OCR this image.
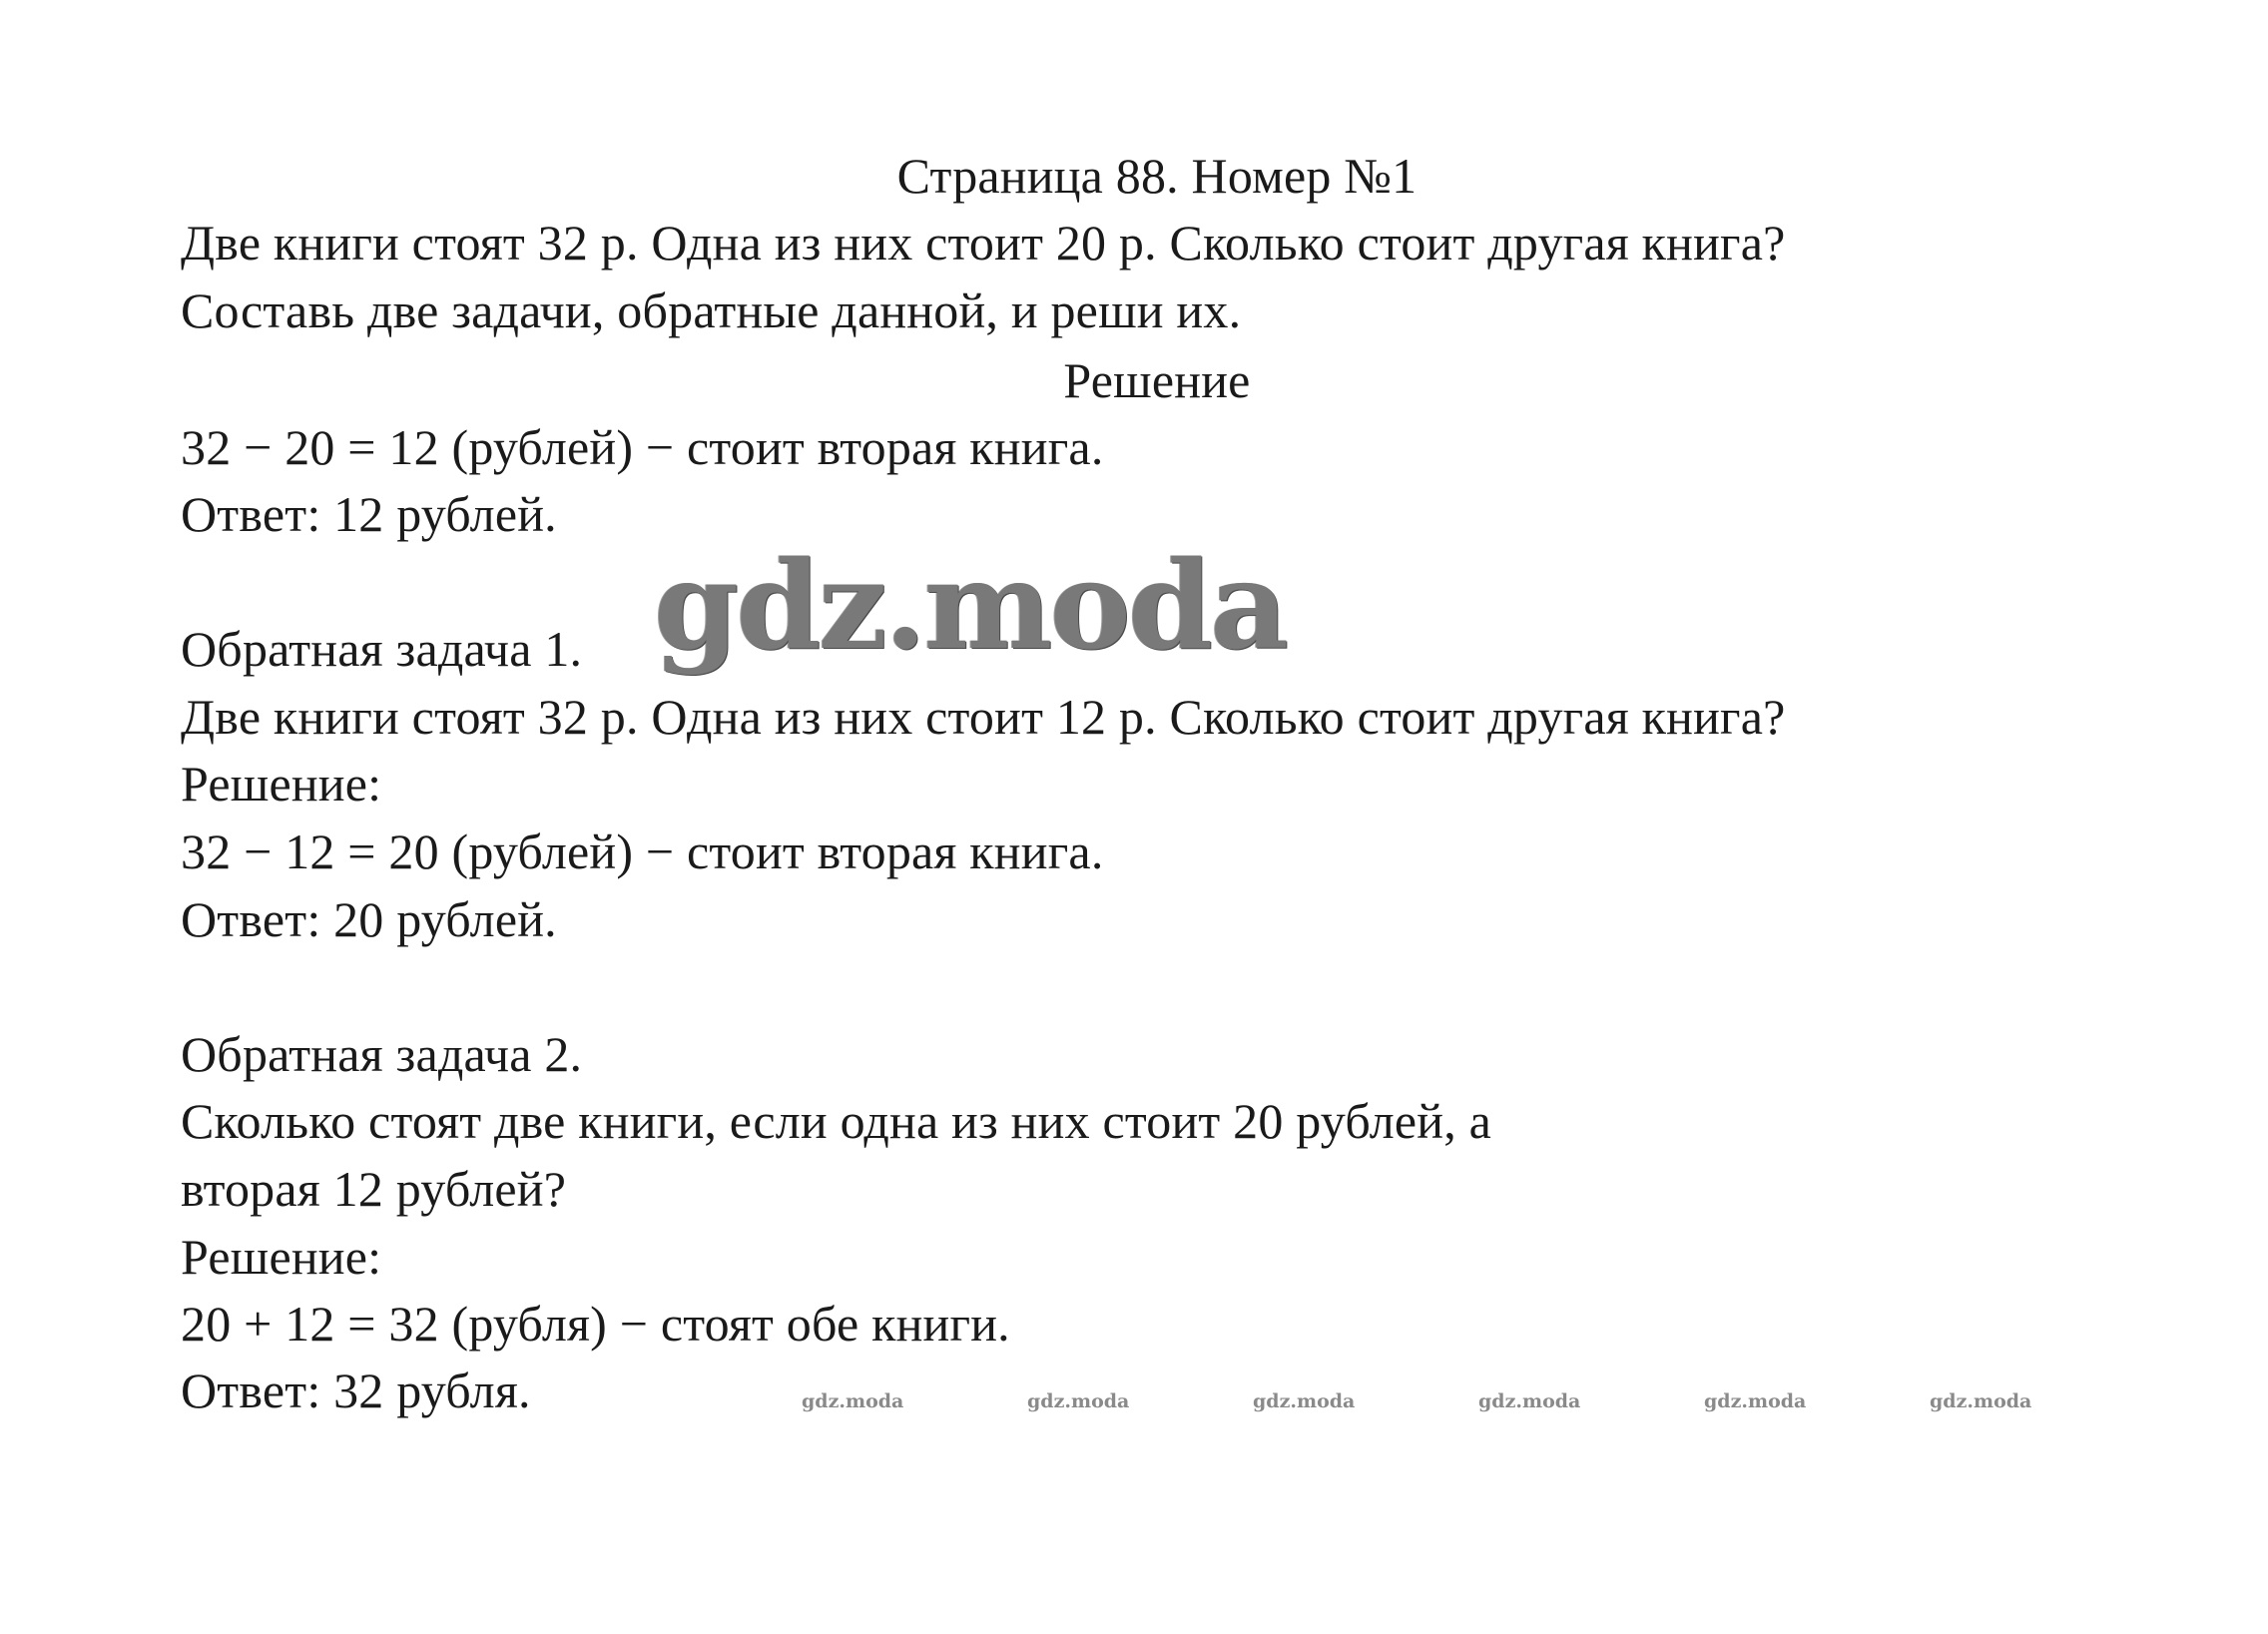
Страница 88. Номер №1
Две книги стоят 32 р. Одна из них стоит 20 р. Сколько стоит другая книга?
Составь две задачи, обратные данной, и реши их.
Решение
32 − 20 = 12 (рублей) − стоит вторая книга.
Ответ: 12 рублей.
Обратная задача 1.
Две книги стоят 32 р. Одна из них стоит 12 р. Сколько стоит другая книга?
Решение:
32 − 12 = 20 (рублей) − стоит вторая книга.
Ответ: 20 рублей.
Обратная задача 2.
Сколько стоят две книги, если одна из них стоит 20 рублей, а
вторая 12 рублей?
Решение:
20 + 12 = 32 (рубля) − стоят обе книги.
Ответ: 32 рубля.
gdz.moda
gdz.moda	gdz.moda	gdz.moda	gdz.moda	gdz.moda	gdz.moda
